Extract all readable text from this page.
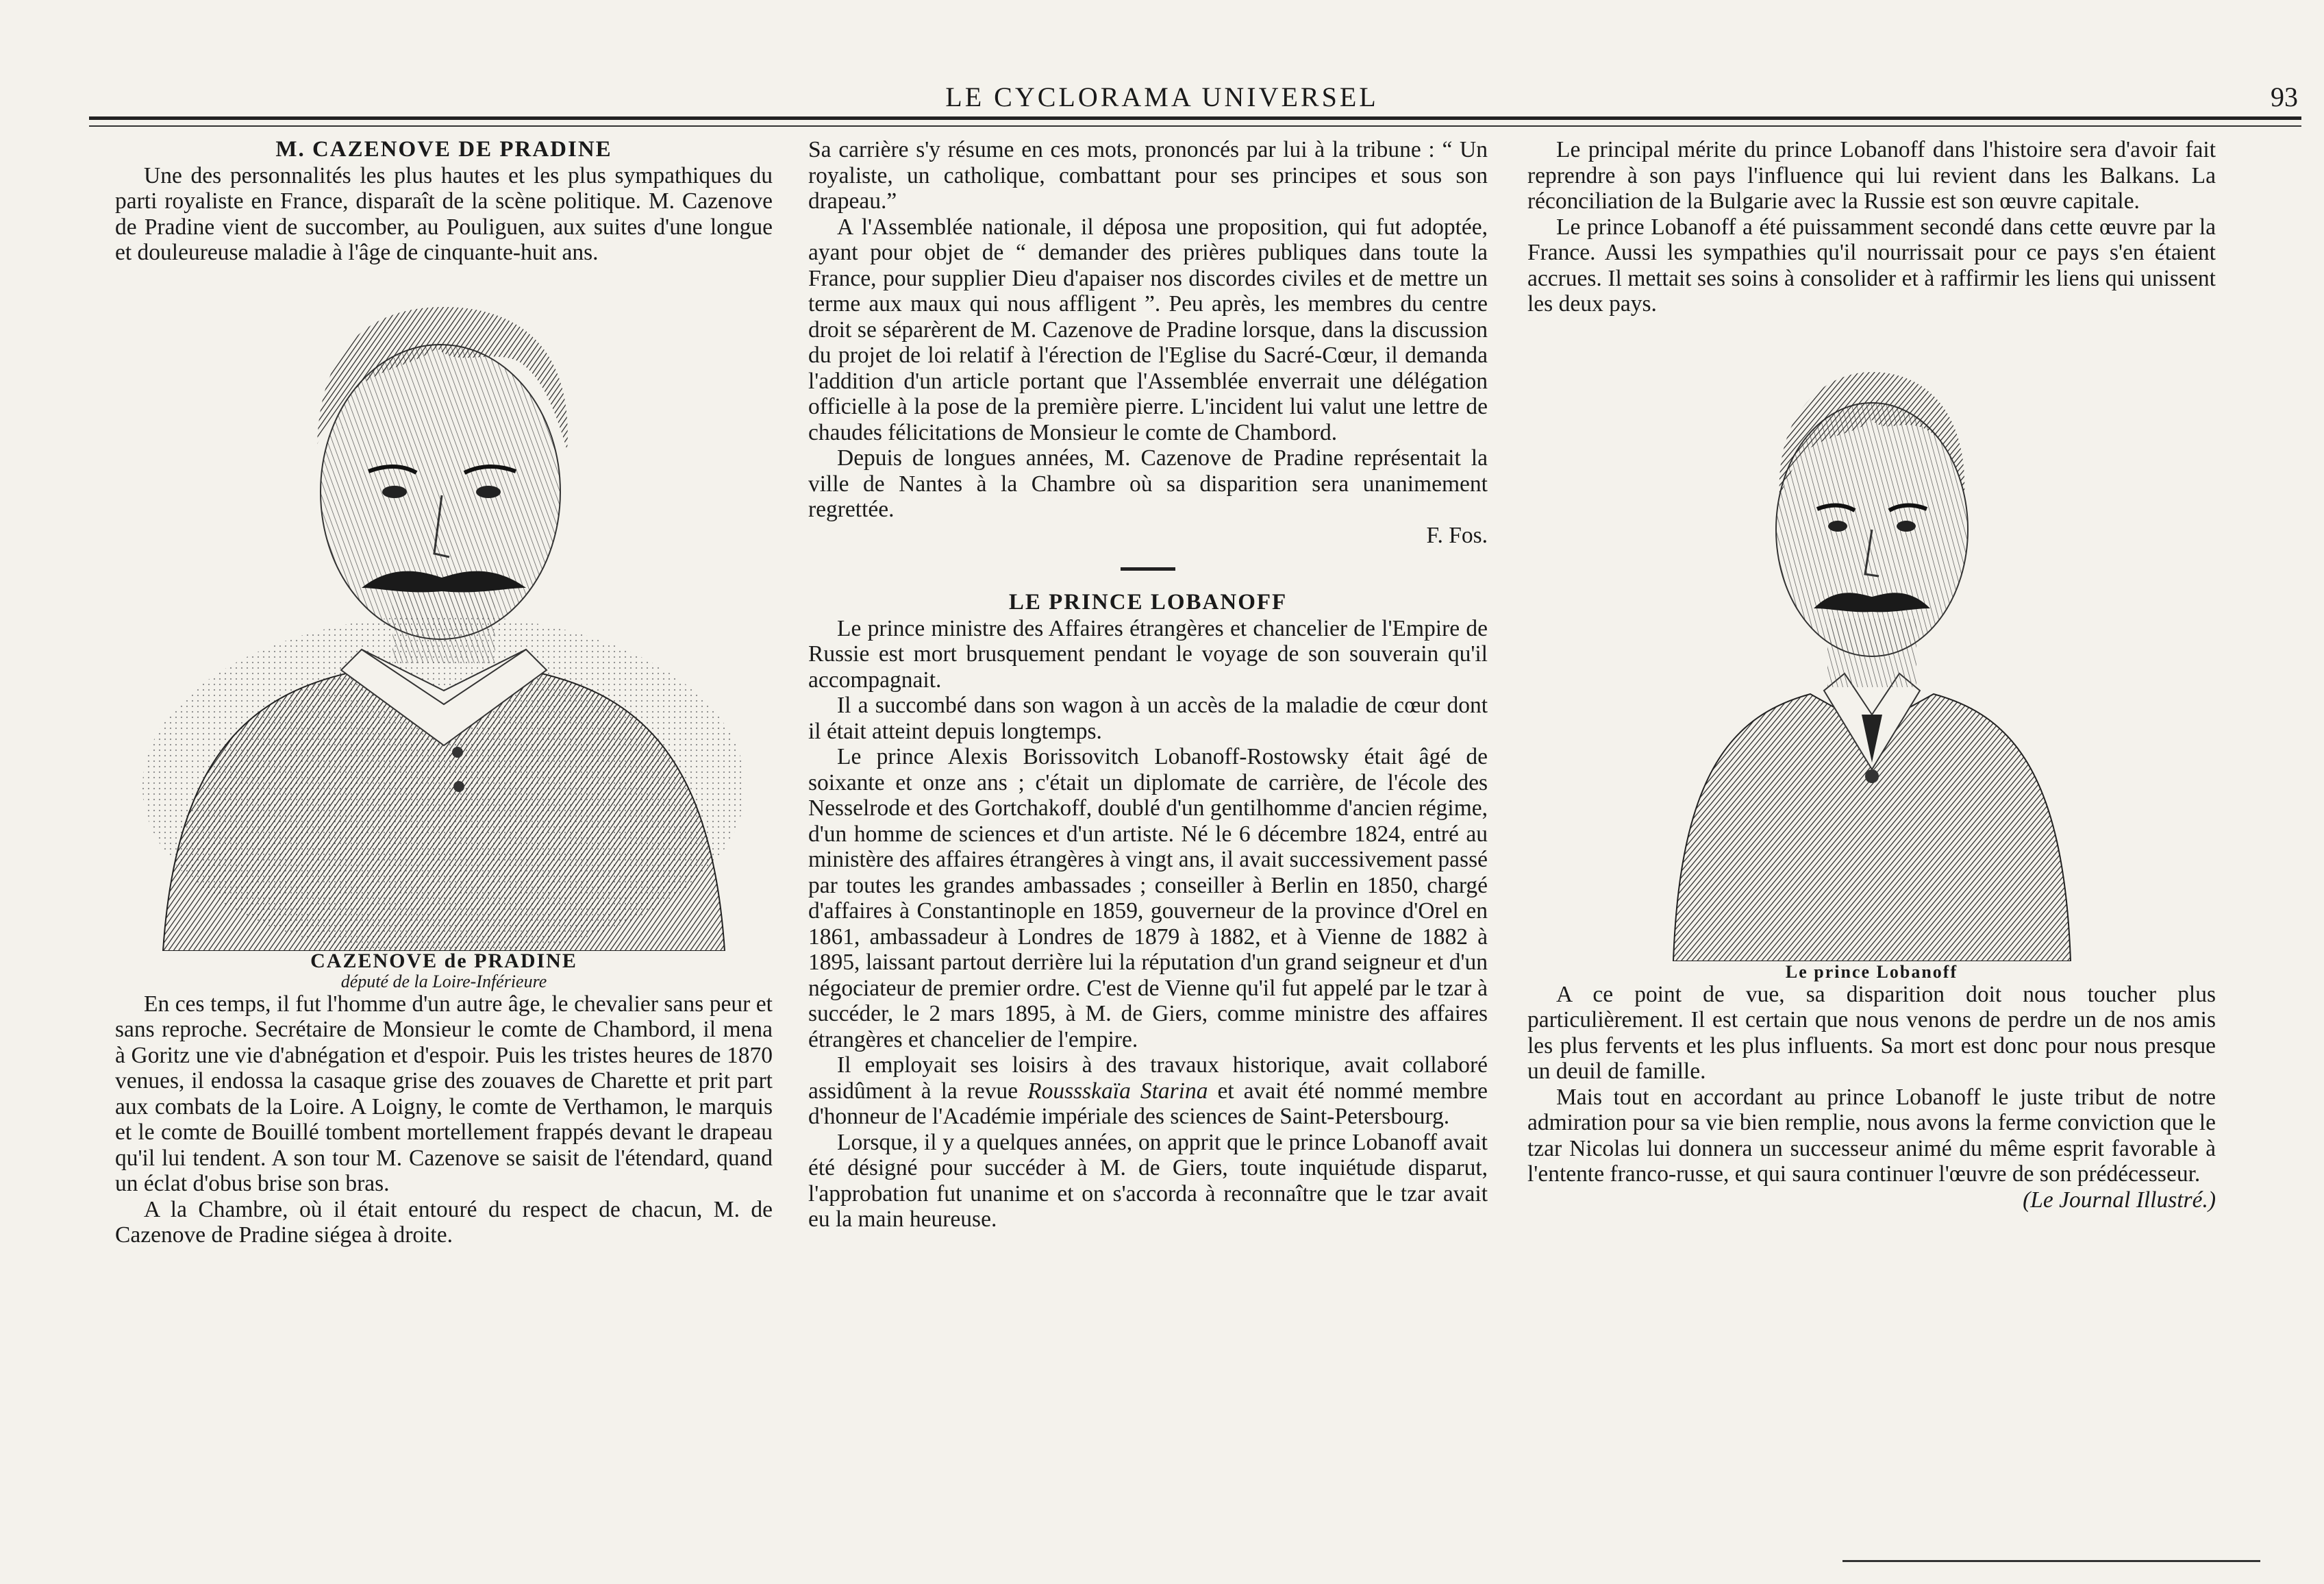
LE CYCLORAMA UNIVERSEL	93

M. CAZENOVE DE PRADINE

Une des personnalités les plus hautes et les plus sympathiques du parti royaliste en France, disparaît de la scène politique. M. Cazenove de Pradine vient de succomber, au Pouliguen, aux suites d'une longue et douleureuse maladie à l'âge de cinquante-huit ans.

CAZENOVE de PRADINE
député de la Loire-Inférieure

En ces temps, il fut l'homme d'un autre âge, le chevalier sans peur et sans reproche. Secrétaire de Monsieur le comte de Chambord, il mena à Goritz une vie d'abnégation et d'espoir. Puis les tristes heures de 1870 venues, il endossa la casaque grise des zouaves de Charette et prit part aux combats de la Loire. A Loigny, le comte de Verthamon, le marquis et le comte de Bouillé tombent mortellement frappés devant le drapeau qu'il lui tendent. A son tour M. Cazenove se saisit de l'étendard, quand un éclat d'obus brise son bras.

A la Chambre, où il était entouré du respect de chacun, M. de Cazenove de Pradine siégea à droite.

Sa carrière s'y résume en ces mots, prononcés par lui à la tribune : “ Un royaliste, un catholique, combattant pour ses principes et sous son drapeau.”

A l'Assemblée nationale, il déposa une proposition, qui fut adoptée, ayant pour objet de “ demander des prières publiques dans toute la France, pour supplier Dieu d'apaiser nos discordes civiles et de mettre un terme aux maux qui nous affligent ”. Peu après, les membres du centre droit se séparèrent de M. Cazenove de Pradine lorsque, dans la discussion du projet de loi relatif à l'érection de l'Eglise du Sacré-Cœur, il demanda l'addition d'un article portant que l'Assemblée enverrait une délégation officielle à la pose de la première pierre. L'incident lui valut une lettre de chaudes félicitations de Monsieur le comte de Chambord.

Depuis de longues années, M. Cazenove de Pradine représentait la ville de Nantes à la Chambre où sa disparition sera unanimement regrettée.

F. Fos.

LE PRINCE LOBANOFF

Le prince ministre des Affaires étrangères et chancelier de l'Empire de Russie est mort brusquement pendant le voyage de son souverain qu'il accompagnait.

Il a succombé dans son wagon à un accès de la maladie de cœur dont il était atteint depuis longtemps.

Le prince Alexis Borissovitch Lobanoff-Rostowsky était âgé de soixante et onze ans ; c'était un diplomate de carrière, de l'école des Nesselrode et des Gortchakoff, doublé d'un gentilhomme d'ancien régime, d'un homme de sciences et d'un artiste. Né le 6 décembre 1824, entré au ministère des affaires étrangères à vingt ans, il avait successivement passé par toutes les grandes ambassades ; conseiller à Berlin en 1850, chargé d'affaires à Constantinople en 1859, gouverneur de la province d'Orel en 1861, ambassadeur à Londres de 1879 à 1882, et à Vienne de 1882 à 1895, laissant partout derrière lui la réputation d'un grand seigneur et d'un négociateur de premier ordre. C'est de Vienne qu'il fut appelé par le tzar à succéder, le 2 mars 1895, à M. de Giers, comme ministre des affaires étrangères et chancelier de l'empire.

Il employait ses loisirs à des travaux historique, avait collaboré assidûment à la revue Roussskaïa Starina et avait été nommé membre d'honneur de l'Académie impériale des sciences de Saint-Petersbourg.

Lorsque, il y a quelques années, on apprit que le prince Lobanoff avait été désigné pour succéder à M. de Giers, toute inquiétude disparut, l'approbation fut unanime et on s'accorda à reconnaître que le tzar avait eu la main heureuse.

Le principal mérite du prince Lobanoff dans l'histoire sera d'avoir fait reprendre à son pays l'influence qui lui revient dans les Balkans. La réconciliation de la Bulgarie avec la Russie est son œuvre capitale.

Le prince Lobanoff a été puissamment secondé dans cette œuvre par la France. Aussi les sympathies qu'il nourrissait pour ce pays s'en étaient accrues. Il mettait ses soins à consolider et à raffirmir les liens qui unissent les deux pays.

Le prince Lobanoff

A ce point de vue, sa disparition doit nous toucher plus particulièrement. Il est certain que nous venons de perdre un de nos amis les plus fervents et les plus influents. Sa mort est donc pour nous presque un deuil de famille.

Mais tout en accordant au prince Lobanoff le juste tribut de notre admiration pour sa vie bien remplie, nous avons la ferme conviction que le tzar Nicolas lui donnera un successeur animé du même esprit favorable à l'entente franco-russe, et qui saura continuer l'œuvre de son prédécesseur.

(Le Journal Illustré.)
